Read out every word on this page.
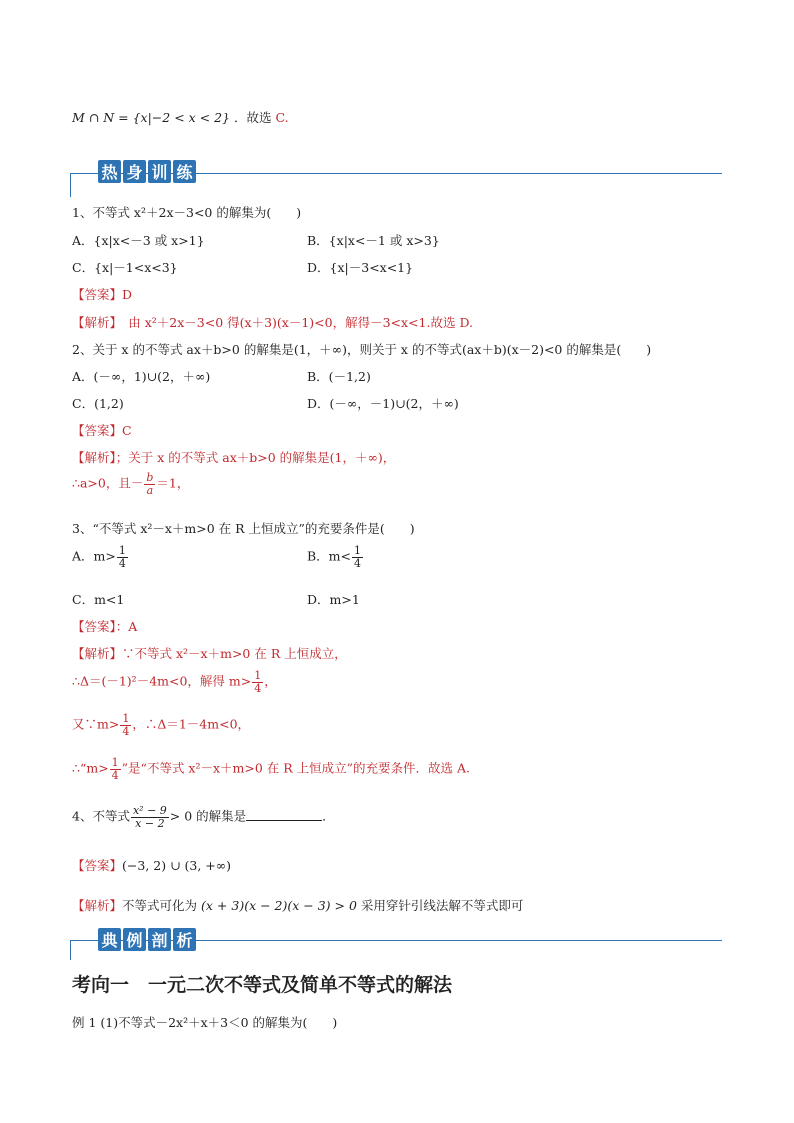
M ∩ N = {x|−2 < x < 2} ．故选 C.
热 身 训 练
1、不等式 x²＋2x－3<0 的解集为(　　)
A．{x|x<－3 或 x>1}	B．{x|x<－1 或 x>3}
C．{x|－1<x<3}	D．{x|－3<x<1}
【答案】D
【解析】　由 x²＋2x－3<0 得(x＋3)(x－1)<0，解得－3<x<1.故选 D.
2、关于 x 的不等式 ax＋b>0 的解集是(1，＋∞)，则关于 x 的不等式(ax＋b)(x－2)<0 的解集是(　　)
A．(－∞，1)∪(2，＋∞)	B．(－1,2)
C．(1,2)	D．(－∞，－1)∪(2，＋∞)
【答案】C
【解析】；关于 x 的不等式 ax＋b>0 的解集是(1，＋∞)，
∴a>0，且－ $\frac{b}{a} =1$，
3、“不等式 x²－x＋m>0 在 R 上恒成立”的充要条件是(　　)
A．$m> \frac{1}{4}$	B．$m< \frac{1}{4}$
C．m<1	D．m>1
【答案】：A
【解析】∵不等式 x²－x＋m>0 在 R 上恒成立，
∴Δ＝(－1)²－4m<0，解得 $m> \frac{1}{4}$ ，
又∵m> $\frac{1}{4}$ ，∴Δ＝1－4m<0，
∴“m> $\frac{1}{4}$ ”是“不等式 x²－x＋m>0 在 R 上恒成立”的充要条件．故选 A.
4、不等式 $\frac{\text{x² − 9}}{x - 2} > 0$ 的解集是	．
【答案】(−3, 2) ∪ (3, +∞)
【解析】不等式可化为 (x + 3)(x − 2)(x − 3) > 0 采用穿针引线法解不等式即可
典 例 剖 析
考向一　一元二次不等式及简单不等式的解法
例 1 (1)不等式－2x²＋x＋3＜0 的解集为(　　)
